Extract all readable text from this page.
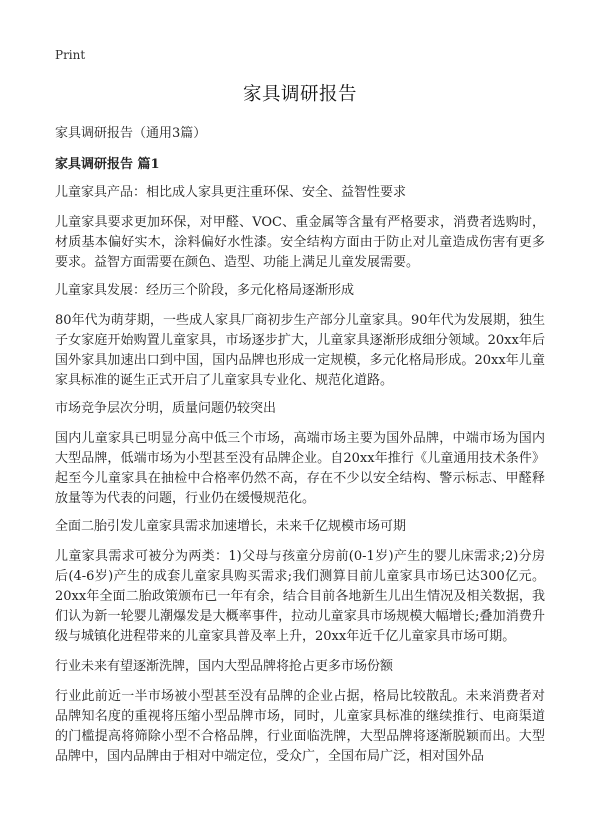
Print
家具调研报告
家具调研报告（通用3篇）
家具调研报告 篇1

儿童家具产品：相比成人家具更注重环保、安全、益智性要求

儿童家具要求更加环保，对甲醛、VOC、重金属等含量有严格要求，消费者选购时，材质基本偏好实木，涂料偏好水性漆。安全结构方面由于防止对儿童造成伤害有更多要求。益智方面需要在颜色、造型、功能上满足儿童发展需要。

儿童家具发展：经历三个阶段，多元化格局逐渐形成

80年代为萌芽期，一些成人家具厂商初步生产部分儿童家具。90年代为发展期，独生子女家庭开始购置儿童家具，市场逐步扩大，儿童家具逐渐形成细分领域。20xx年后国外家具加速出口到中国，国内品牌也形成一定规模，多元化格局形成。20xx年儿童家具标准的诞生正式开启了儿童家具专业化、规范化道路。

市场竞争层次分明，质量问题仍较突出

国内儿童家具已明显分高中低三个市场，高端市场主要为国外品牌，中端市场为国内大型品牌，低端市场为小型甚至没有品牌企业。自20xx年推行《儿童通用技术条件》起至今儿童家具在抽检中合格率仍然不高，存在不少以安全结构、警示标志、甲醛释放量等为代表的问题，行业仍在缓慢规范化。

全面二胎引发儿童家具需求加速增长，未来千亿规模市场可期

儿童家具需求可被分为两类：1)父母与孩童分房前(0-1岁)产生的婴儿床需求;2)分房后(4-6岁)产生的成套儿童家具购买需求;我们测算目前儿童家具市场已达300亿元。20xx年全面二胎政策颁布已一年有余，结合目前各地新生儿出生情况及相关数据，我们认为新一轮婴儿潮爆发是大概率事件，拉动儿童家具市场规模大幅增长;叠加消费升级与城镇化进程带来的儿童家具普及率上升，20xx年近千亿儿童家具市场可期。

行业未来有望逐渐洗牌，国内大型品牌将抢占更多市场份额

行业此前近一半市场被小型甚至没有品牌的企业占据，格局比较散乱。未来消费者对品牌知名度的重视将压缩小型品牌市场，同时，儿童家具标准的继续推行、电商渠道的门槛提高将筛除小型不合格品牌，行业面临洗牌，大型品牌将逐渐脱颖而出。大型品牌中，国内品牌由于相对中端定位，受众广，全国布局广泛，相对国外品
